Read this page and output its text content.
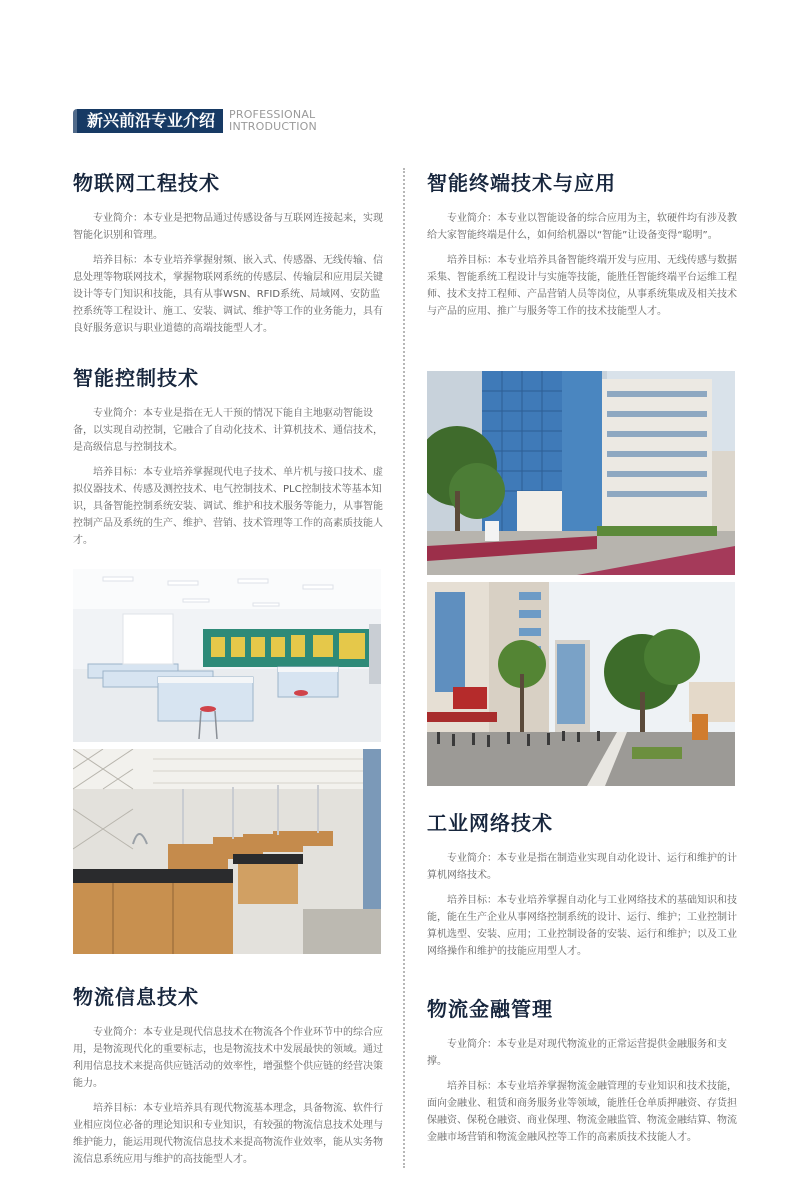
新兴前沿专业介绍	PROFESSIONAL
INTRODUCTION
物联网工程技术

专业简介：本专业是把物品通过传感设备与互联网连接起来，实现智能化识别和管理。

培养目标：本专业培养掌握射频、嵌入式、传感器、无线传输、信息处理等物联网技术，掌握物联网系统的传感层、传输层和应用层关键设计等专门知识和技能，具有从事WSN、RFID系统、局域网、安防监控系统等工程设计、施工、安装、调试、维护等工作的业务能力，具有良好服务意识与职业道德的高端技能型人才。

智能控制技术

专业简介：本专业是指在无人干预的情况下能自主地驱动智能设备，以实现自动控制，它融合了自动化技术、计算机技术、通信技术，是高级信息与控制技术。

培养目标：本专业培养掌握现代电子技术、单片机与接口技术、虚拟仪器技术、传感及测控技术、电气控制技术、PLC控制技术等基本知识，具备智能控制系统安装、调试、维护和技术服务等能力，从事智能控制产品及系统的生产、维护、营销、技术管理等工作的高素质技能人才。

物流信息技术

专业简介：本专业是现代信息技术在物流各个作业环节中的综合应用，是物流现代化的重要标志，也是物流技术中发展最快的领域。通过利用信息技术来提高供应链活动的效率性，增强整个供应链的经营决策能力。

培养目标：本专业培养具有现代物流基本理念，具备物流、软件行业相应岗位必备的理论知识和专业知识，有较强的物流信息技术处理与维护能力，能运用现代物流信息技术来提高物流作业效率，能从实务物流信息系统应用与维护的高技能型人才。

智能终端技术与应用

专业简介：本专业以智能设备的综合应用为主，软硬件均有涉及教给大家智能终端是什么，如何给机器以“智能”让设备变得“聪明”。

培养目标：本专业培养具备智能终端开发与应用、无线传感与数据采集、智能系统工程设计与实施等技能，能胜任智能终端平台运维工程师、技术支持工程师、产品营销人员等岗位，从事系统集成及相关技术与产品的应用、推广与服务等工作的技术技能型人才。

工业网络技术

专业简介：本专业是指在制造业实现自动化设计、运行和维护的计算机网络技术。

培养目标：本专业培养掌握自动化与工业网络技术的基础知识和技能，能在生产企业从事网络控制系统的设计、运行、维护；工业控制计算机选型、安装、应用；工业控制设备的安装、运行和维护；以及工业网络操作和维护的技能应用型人才。

物流金融管理

专业简介：本专业是对现代物流业的正常运营提供金融服务和支撑。

培养目标：本专业培养掌握物流金融管理的专业知识和技术技能，面向金融业、租赁和商务服务业等领域，能胜任仓单质押融资、存货担保融资、保税仓融资、商业保理、物流金融监管、物流金融结算、物流金融市场营销和物流金融风控等工作的高素质技术技能人才。
